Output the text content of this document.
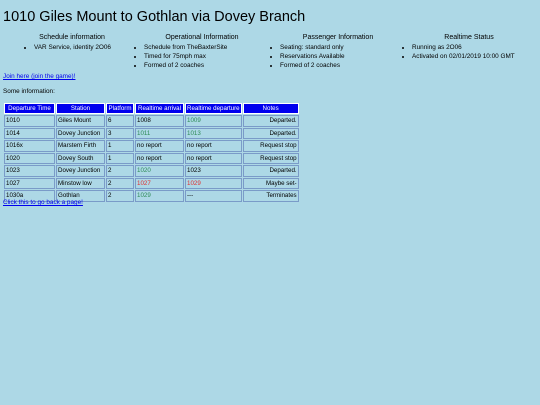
1010 Giles Mount to Gothlan via Dovey Branch
Schedule information
• VAR Service, identity 2O06
Operational Information
• Schedule from TheBaxterSite
• Timed for 75mph max
• Formed of 2 coaches
Passenger Information
• Seating: standard only
• Reservations Available
• Formed of 2 coaches
Realtime Status
• Running as 2O06
• Activated on 02/01/2019 10:00 GMT
Join here (join the game)!
Some information:
Departure Time	Station	Platform	Realtime arrival	Realtime departure	Notes
1010	Giles Mount	6	1008	1009	Departed.
1014	Dovey Junction	3	1011	1013	Departed.
1016x	Marstem Firth	1	no report	no report	Request stop
1020	Dovey South	1	no report	no report	Request stop
1023	Dovey Junction	2	1020	1023	Departed.
1027	Minstow low	2	1027	1029	Maybe set-
1030a	Gothlan	2	1029	---	Terminates
Click this to go back a page!
